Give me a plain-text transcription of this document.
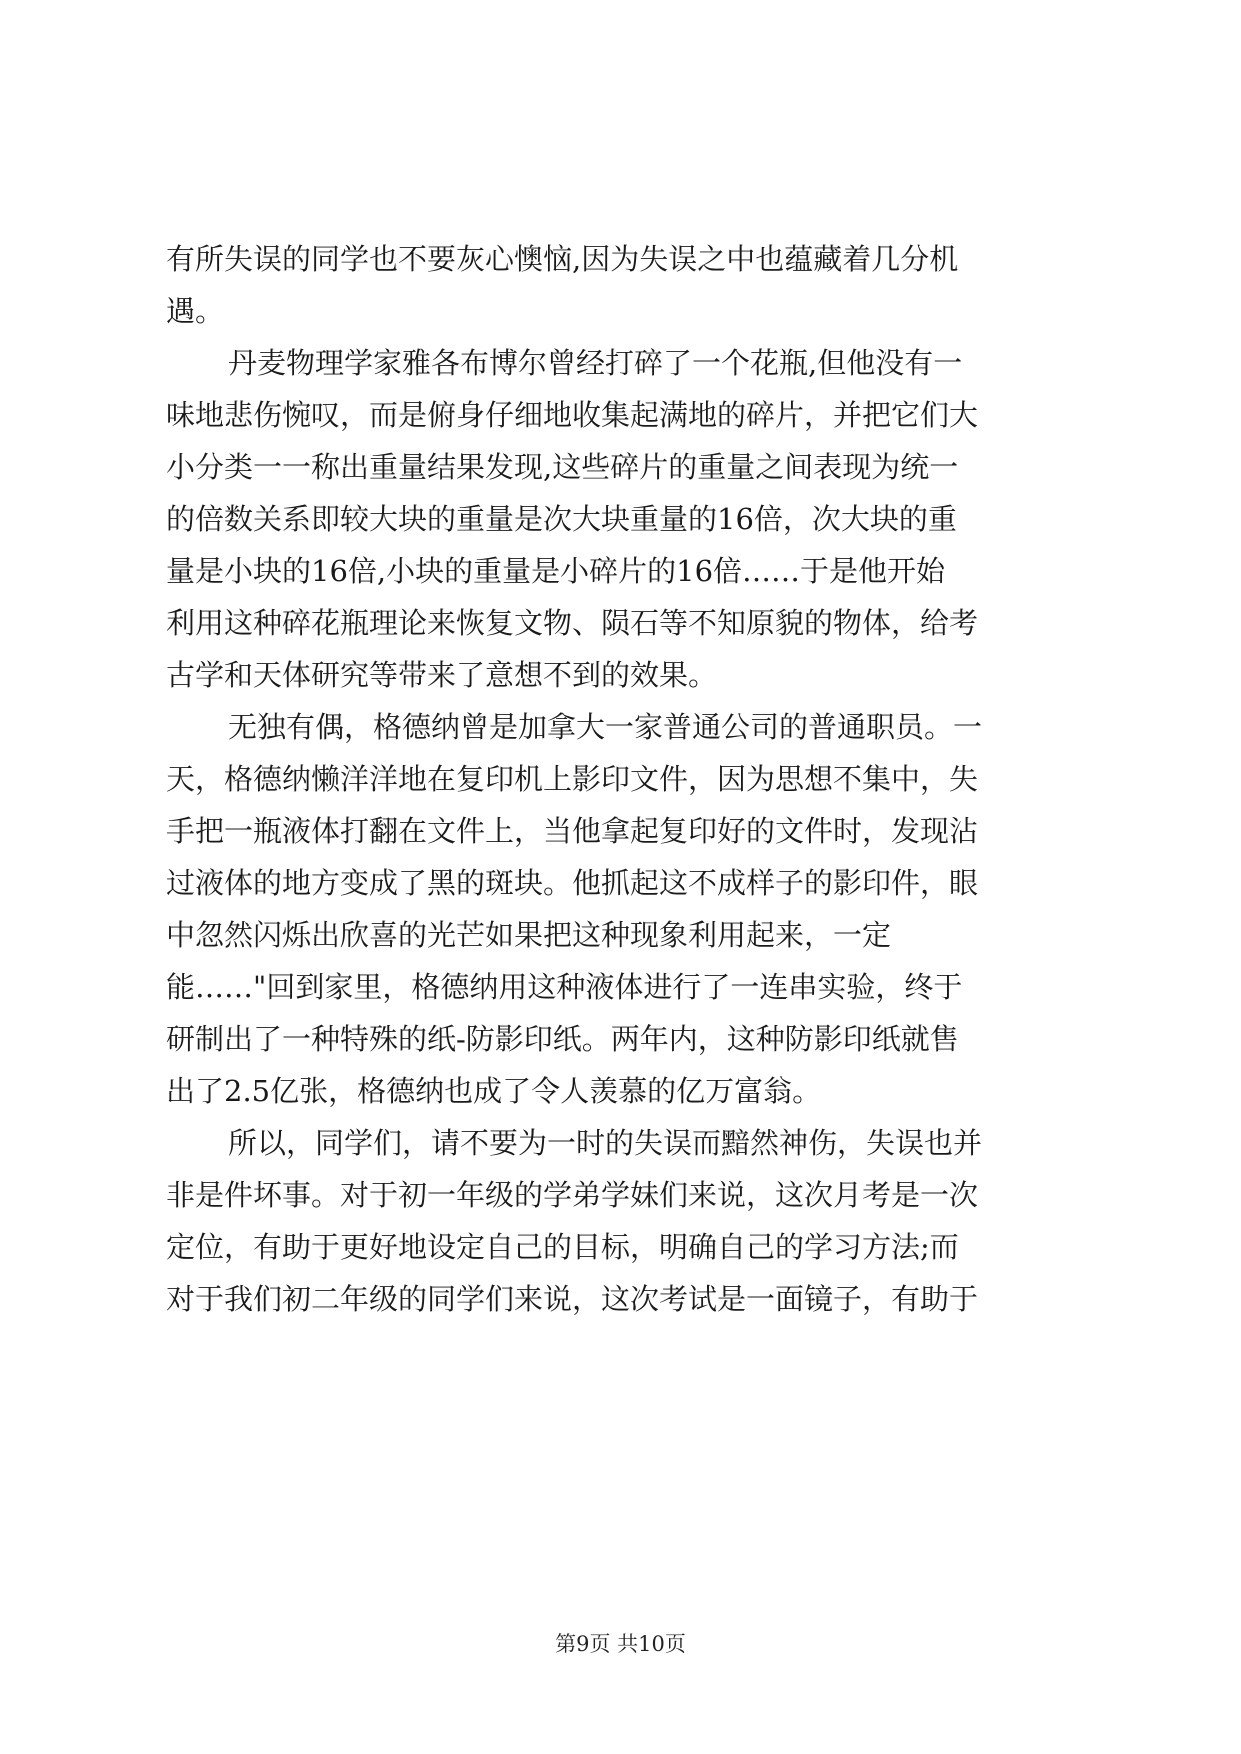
有所失误的同学也不要灰心懊恼,因为失误之中也蕴藏着几分机
遇。
丹麦物理学家雅各布博尔曾经打碎了一个花瓶,但他没有一
味地悲伤惋叹，而是俯身仔细地收集起满地的碎片，并把它们大
小分类一一称出重量结果发现,这些碎片的重量之间表现为统一
的倍数关系即较大块的重量是次大块重量的16倍，次大块的重
量是小块的16倍,小块的重量是小碎片的16倍……于是他开始
利用这种碎花瓶理论来恢复文物、陨石等不知原貌的物体，给考
古学和天体研究等带来了意想不到的效果。
无独有偶，格德纳曾是加拿大一家普通公司的普通职员。一
天，格德纳懒洋洋地在复印机上影印文件，因为思想不集中，失
手把一瓶液体打翻在文件上，当他拿起复印好的文件时，发现沾
过液体的地方变成了黑的斑块。他抓起这不成样子的影印件，眼
中忽然闪烁出欣喜的光芒如果把这种现象利用起来，一定
能……"回到家里，格德纳用这种液体进行了一连串实验，终于
研制出了一种特殊的纸-防影印纸。两年内，这种防影印纸就售
出了2.5亿张，格德纳也成了令人羡慕的亿万富翁。
所以，同学们，请不要为一时的失误而黯然神伤，失误也并
非是件坏事。对于初一年级的学弟学妹们来说，这次月考是一次
定位，有助于更好地设定自己的目标，明确自己的学习方法;而
对于我们初二年级的同学们来说，这次考试是一面镜子，有助于
第9页 共10页
